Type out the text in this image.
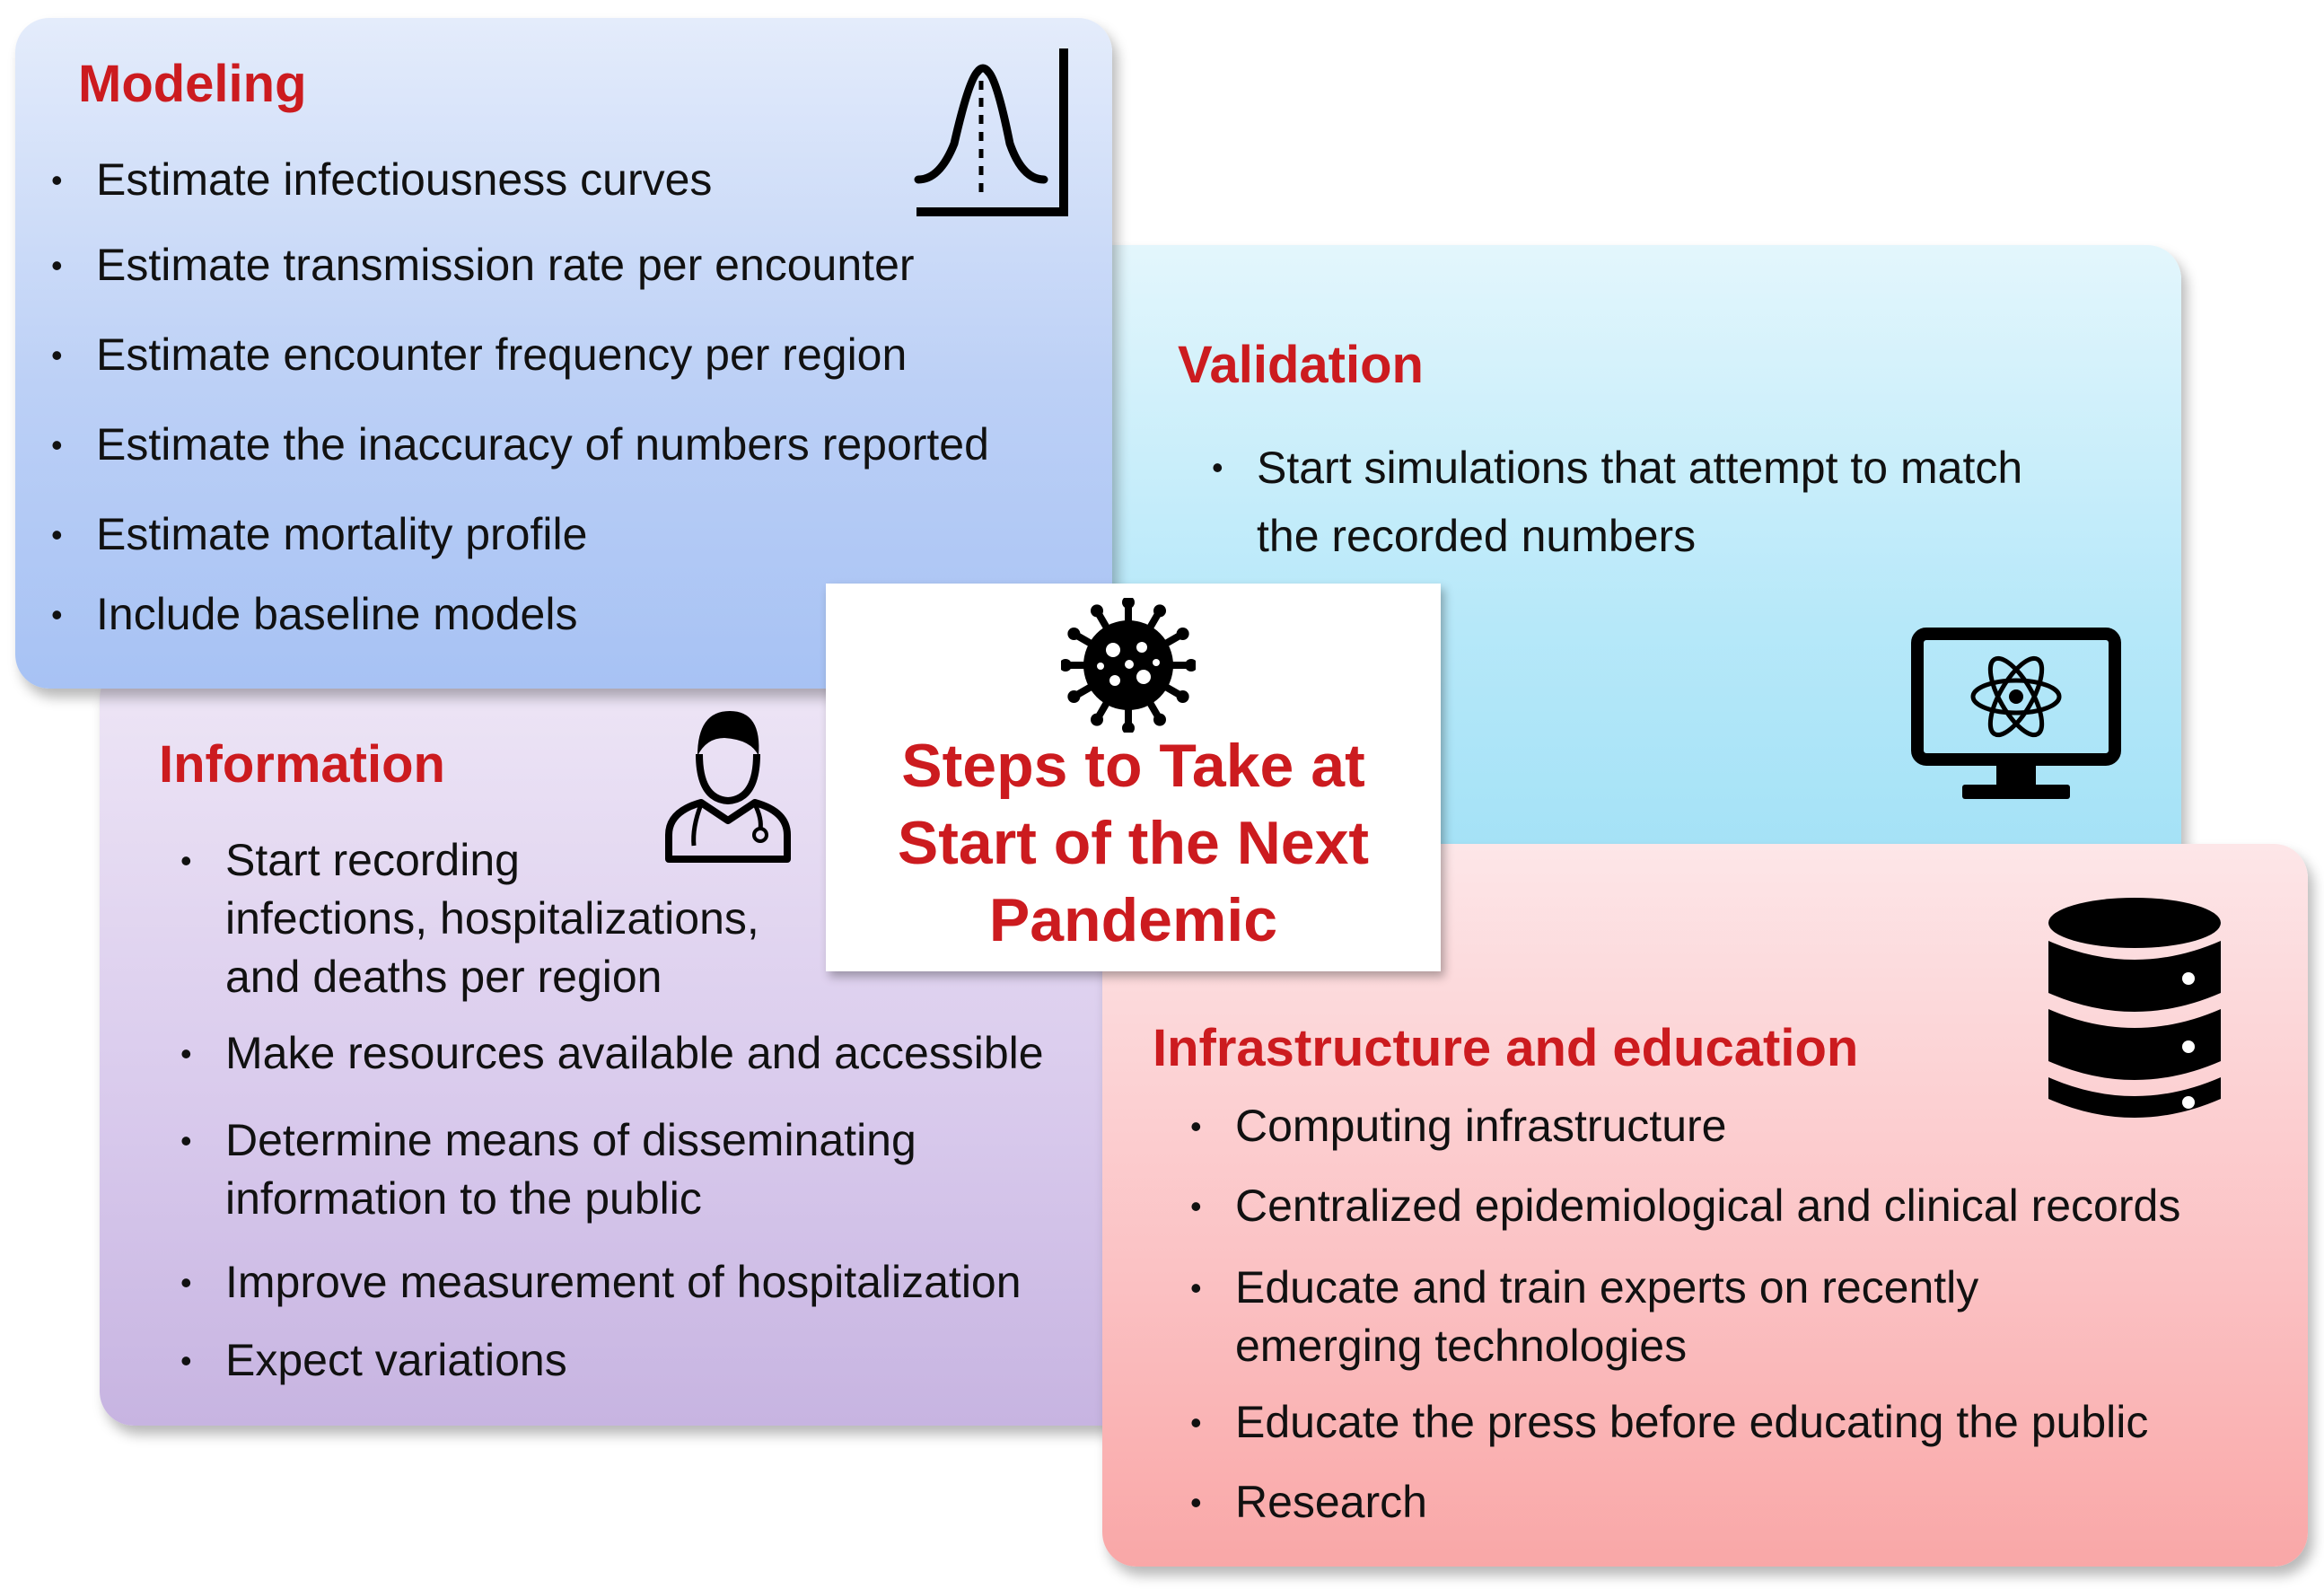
Validation
• Start simulations that attempt to match
the recorded numbers
Information
• Start recording
infections, hospitalizations,
and deaths per region
• Make resources available and accessible
• Determine means of disseminating
information to the public
• Improve measurement of hospitalization
• Expect variations
Infrastructure and education
• Computing infrastructure
• Centralized epidemiological and clinical records
• Educate and train experts on recently
emerging technologies
• Educate the press before educating the public
• Research
Modeling
• Estimate infectiousness curves
• Estimate transmission rate per encounter
• Estimate encounter frequency per region
• Estimate the inaccuracy of numbers reported
• Estimate mortality profile
• Include baseline models
Steps to Take at
Start of the Next
Pandemic
